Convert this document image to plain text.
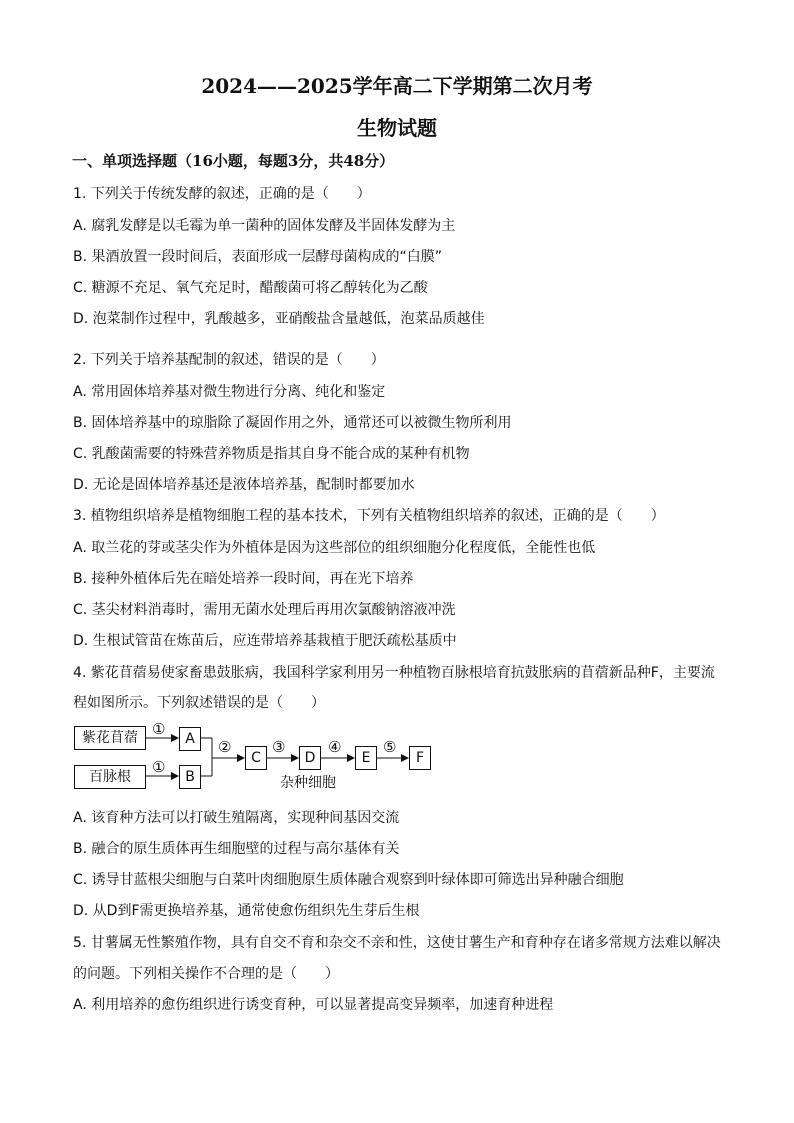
2024——2025学年高二下学期第二次月考
生物试题
一、单项选择题（16小题，每题3分，共48分）
1. 下列关于传统发酵的叙述，正确的是（　　）
A. 腐乳发酵是以毛霉为单一菌种的固体发酵及半固体发酵为主
B. 果酒放置一段时间后，表面形成一层酵母菌构成的“白膜”
C. 糖源不充足、氧气充足时，醋酸菌可将乙醇转化为乙酸
D. 泡菜制作过程中，乳酸越多，亚硝酸盐含量越低，泡菜品质越佳
2. 下列关于培养基配制的叙述，错误的是（　　）
A. 常用固体培养基对微生物进行分离、纯化和鉴定
B. 固体培养基中的琼脂除了凝固作用之外，通常还可以被微生物所利用
C. 乳酸菌需要的特殊营养物质是指其自身不能合成的某种有机物
D. 无论是固体培养基还是液体培养基，配制时都要加水
3. 植物组织培养是植物细胞工程的基本技术，下列有关植物组织培养的叙述，正确的是（　　）
A. 取兰花的芽或茎尖作为外植体是因为这些部位的组织细胞分化程度低，全能性也低
B. 接种外植体后先在暗处培养一段时间，再在光下培养
C. 茎尖材料消毒时，需用无菌水处理后再用次氯酸钠溶液冲洗
D. 生根试管苗在炼苗后，应连带培养基栽植于肥沃疏松基质中
4. 紫花苜蓿易使家畜患鼓胀病，我国科学家利用另一种植物百脉根培育抗鼓胀病的苜蓿新品种F，主要流
程如图所示。下列叙述错误的是（　　）
紫花苜蓿
百脉根
①
①
A
B
②
C
③
D
④
E
⑤
F
杂种细胞
A. 该育种方法可以打破生殖隔离，实现种间基因交流
B. 融合的原生质体再生细胞壁的过程与高尔基体有关
C. 诱导甘蓝根尖细胞与白菜叶肉细胞原生质体融合观察到叶绿体即可筛选出异种融合细胞
D. 从D到F需更换培养基，通常使愈伤组织先生芽后生根
5. 甘薯属无性繁殖作物，具有自交不育和杂交不亲和性，这使甘薯生产和育种存在诸多常规方法难以解决
的问题。下列相关操作不合理的是（　　）
A. 利用培养的愈伤组织进行诱变育种，可以显著提高变异频率，加速育种进程
